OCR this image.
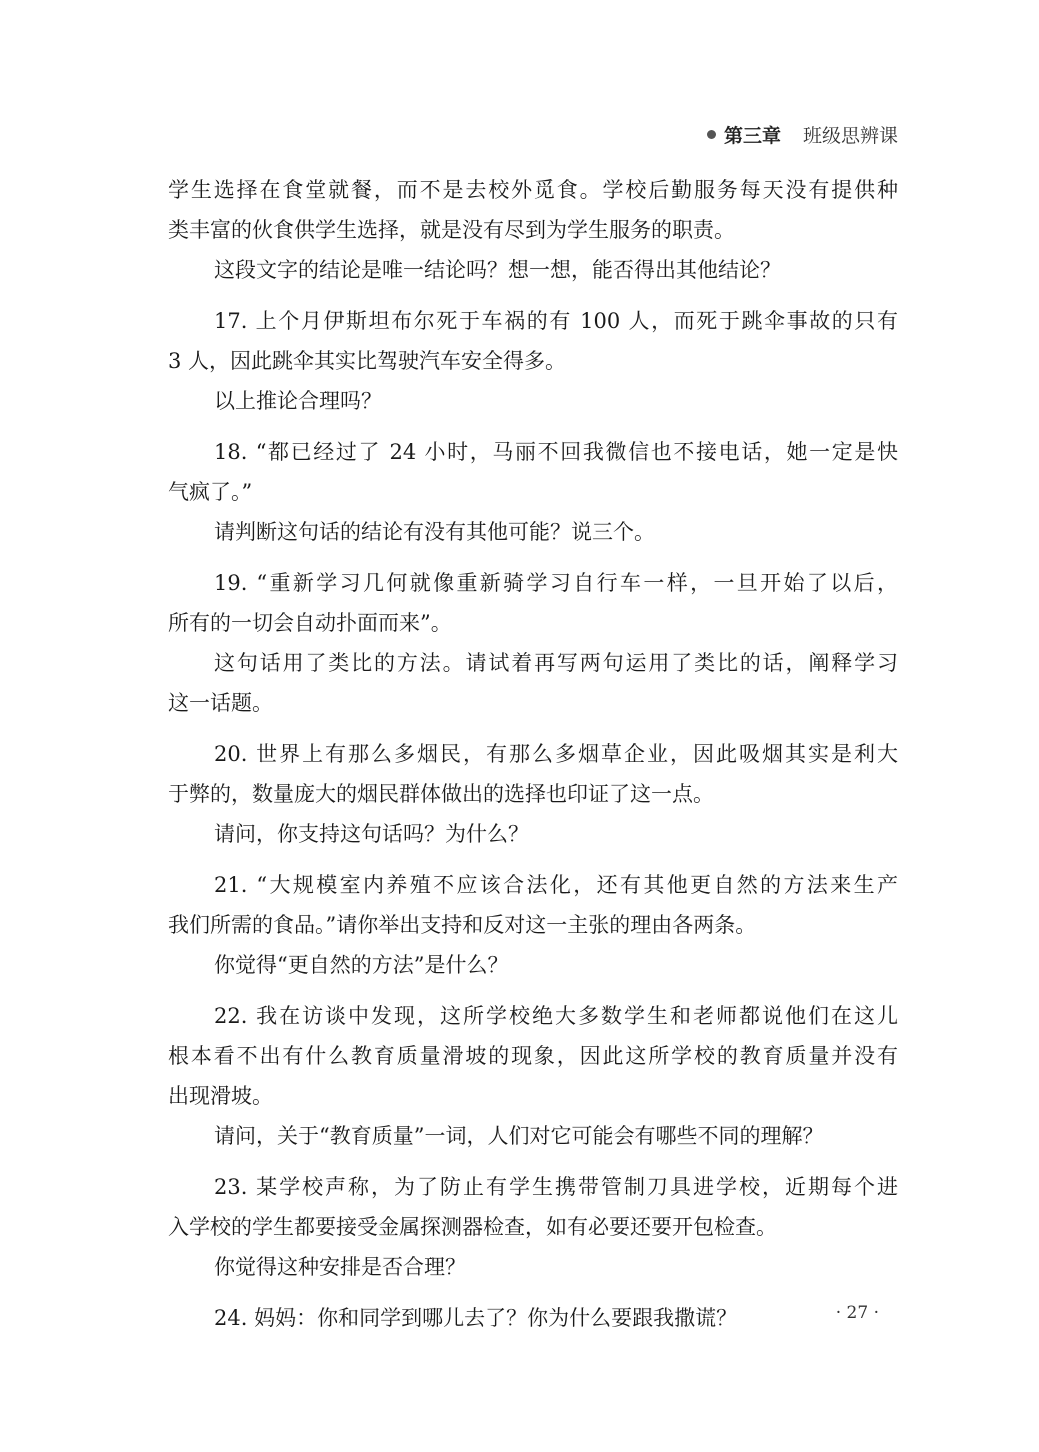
第三章 班级思辨课
学生选择在食堂就餐，而不是去校外觅食。学校后勤服务每天没有提供种
类丰富的伙食供学生选择，就是没有尽到为学生服务的职责。
这段文字的结论是唯一结论吗？想一想，能否得出其他结论？
17. 上个月伊斯坦布尔死于车祸的有 100 人，而死于跳伞事故的只有
3 人，因此跳伞其实比驾驶汽车安全得多。
以上推论合理吗？
18. “都已经过了 24 小时，马丽不回我微信也不接电话，她一定是快
气疯了。”
请判断这句话的结论有没有其他可能？说三个。
19. “重新学习几何就像重新骑学习自行车一样，一旦开始了以后，
所有的一切会自动扑面而来”。
这句话用了类比的方法。请试着再写两句运用了类比的话，阐释学习
这一话题。
20. 世界上有那么多烟民，有那么多烟草企业，因此吸烟其实是利大
于弊的，数量庞大的烟民群体做出的选择也印证了这一点。
请问，你支持这句话吗？为什么？
21. “大规模室内养殖不应该合法化，还有其他更自然的方法来生产
我们所需的食品。”请你举出支持和反对这一主张的理由各两条。
你觉得“更自然的方法”是什么？
22. 我在访谈中发现，这所学校绝大多数学生和老师都说他们在这儿
根本看不出有什么教育质量滑坡的现象，因此这所学校的教育质量并没有
出现滑坡。
请问，关于“教育质量”一词，人们对它可能会有哪些不同的理解？
23. 某学校声称，为了防止有学生携带管制刀具进学校，近期每个进
入学校的学生都要接受金属探测器检查，如有必要还要开包检查。
你觉得这种安排是否合理？
24. 妈妈：你和同学到哪儿去了？你为什么要跟我撒谎？	· 27 ·
